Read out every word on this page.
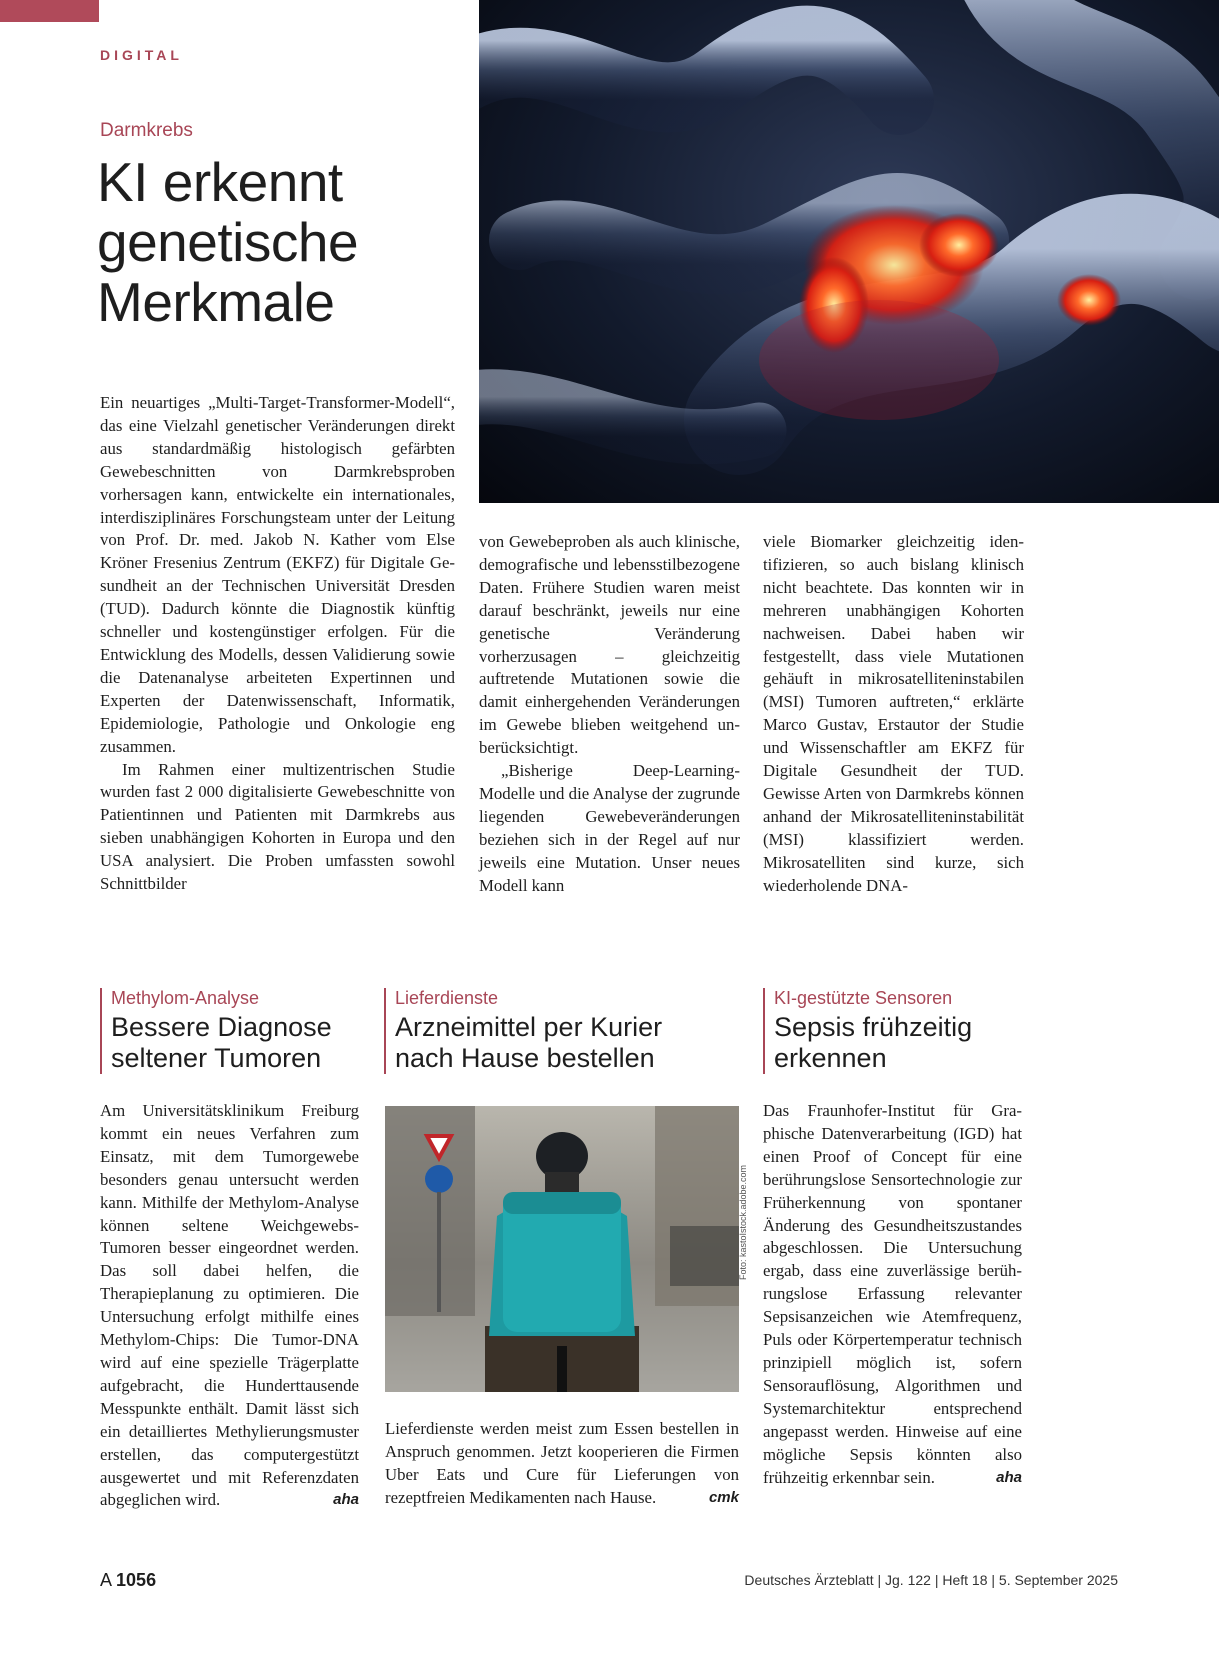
DIGITAL
Darmkrebs
KI erkennt genetische Merkmale

Ein neuartiges „Multi-Target-Transformer-Modell“, das eine Vielzahl genetischer Veränderungen direkt aus standardmäßig histologisch gefärbten Gewebeschnitten von Darmkrebsproben vorhersagen kann, entwickelte ein internationales, interdisziplinäres Forschungsteam unter der Leitung von Prof. Dr. med. Jakob N. Kather vom Else Kröner Fresenius Zentrum (EKFZ) für Digitale Gesundheit an der Technischen Universität Dresden (TUD). Dadurch könnte die Diagnostik künftig schneller und kostengünstiger erfolgen. Für die Entwicklung des Modells, dessen Validierung sowie die Datenanalyse arbeiteten Expertinnen und Experten der Datenwissenschaft, Informatik, Epidemiologie, Pathologie und Onkologie eng zusammen.

Im Rahmen einer multizentrischen Studie wurden fast 2 000 digitalisierte Gewebeschnitte von Patientinnen und Patienten mit Darmkrebs aus sieben unabhängigen Kohorten in Europa und den USA analysiert. Die Proben umfassten sowohl Schnittbilder

von Gewebeproben als auch klinische, demografische und lebensstilbezogene Daten. Frühere Studien waren meist darauf beschränkt, jeweils nur eine genetische Veränderung vorherzusagen – gleichzeitig auftretende Mutationen sowie die damit einhergehenden Veränderungen im Gewebe blieben weitgehend unberücksichtigt.

„Bisherige Deep-Learning-Modelle und die Analyse der zugrunde liegenden Gewebeveränderungen beziehen sich in der Regel auf nur jeweils eine Mutation. Unser neues Modell kann

viele Biomarker gleichzeitig identifizieren, so auch bislang klinisch nicht beachtete. Das konnten wir in mehreren unabhängigen Kohorten nachweisen. Dabei haben wir festgestellt, dass viele Mutationen gehäuft in mikrosatelliteninstabilen (MSI) Tumoren auftreten,“ erklärte Marco Gustav, Erstautor der Studie und Wissenschaftler am EKFZ für Digitale Gesundheit der TUD. Gewisse Arten von Darmkrebs können anhand der Mikrosatelliteninstabilität (MSI) klassifiziert werden. Mikrosatelliten sind kurze, sich wiederholende DNA-

Methylom-Analyse
Bessere Diagnose seltener Tumoren

Am Universitätsklinikum Freiburg kommt ein neues Verfahren zum Einsatz, mit dem Tumorgewebe besonders genau untersucht werden kann. Mithilfe der Methylom-Analyse können seltene Weichgewebs-Tumoren besser eingeordnet werden. Das soll dabei helfen, die Therapieplanung zu optimieren. Die Untersuchung erfolgt mithilfe eines Methylom-Chips: Die Tumor-DNA wird auf eine spezielle Trägerplatte aufgebracht, die Hunderttausende Messpunkte enthält. Damit lässt sich ein detailliertes Methylierungsmuster erstellen, das computergestützt ausgewertet und mit Referenzdaten abgeglichen wird.	aha

Lieferdienste
Arzneimittel per Kurier nach Hause bestellen
Foto: kastoIstock.adobe.com

Lieferdienste werden meist zum Essen bestellen in Anspruch genommen. Jetzt kooperieren die Firmen Uber Eats und Cure für Lieferungen von rezeptfreien Medikamenten nach Hause.	cmk

KI-gestützte Sensoren
Sepsis frühzeitig erkennen

Das Fraunhofer-Institut für Graphische Datenverarbeitung (IGD) hat einen Proof of Concept für eine berührungslose Sensortechnologie zur Früherkennung von spontaner Änderung des Gesundheitszustandes abgeschlossen. Die Untersuchung ergab, dass eine zuverlässige berührungslose Erfassung relevanter Sepsisanzeichen wie Atemfrequenz, Puls oder Körpertemperatur technisch prinzipiell möglich ist, sofern Sensorauflösung, Algorithmen und Systemarchitektur entsprechend angepasst werden. Hinweise auf eine mögliche Sepsis könnten also frühzeitig erkennbar sein.	aha

A 1056	Deutsches Ärzteblatt | Jg. 122 | Heft 18 | 5. September 2025
